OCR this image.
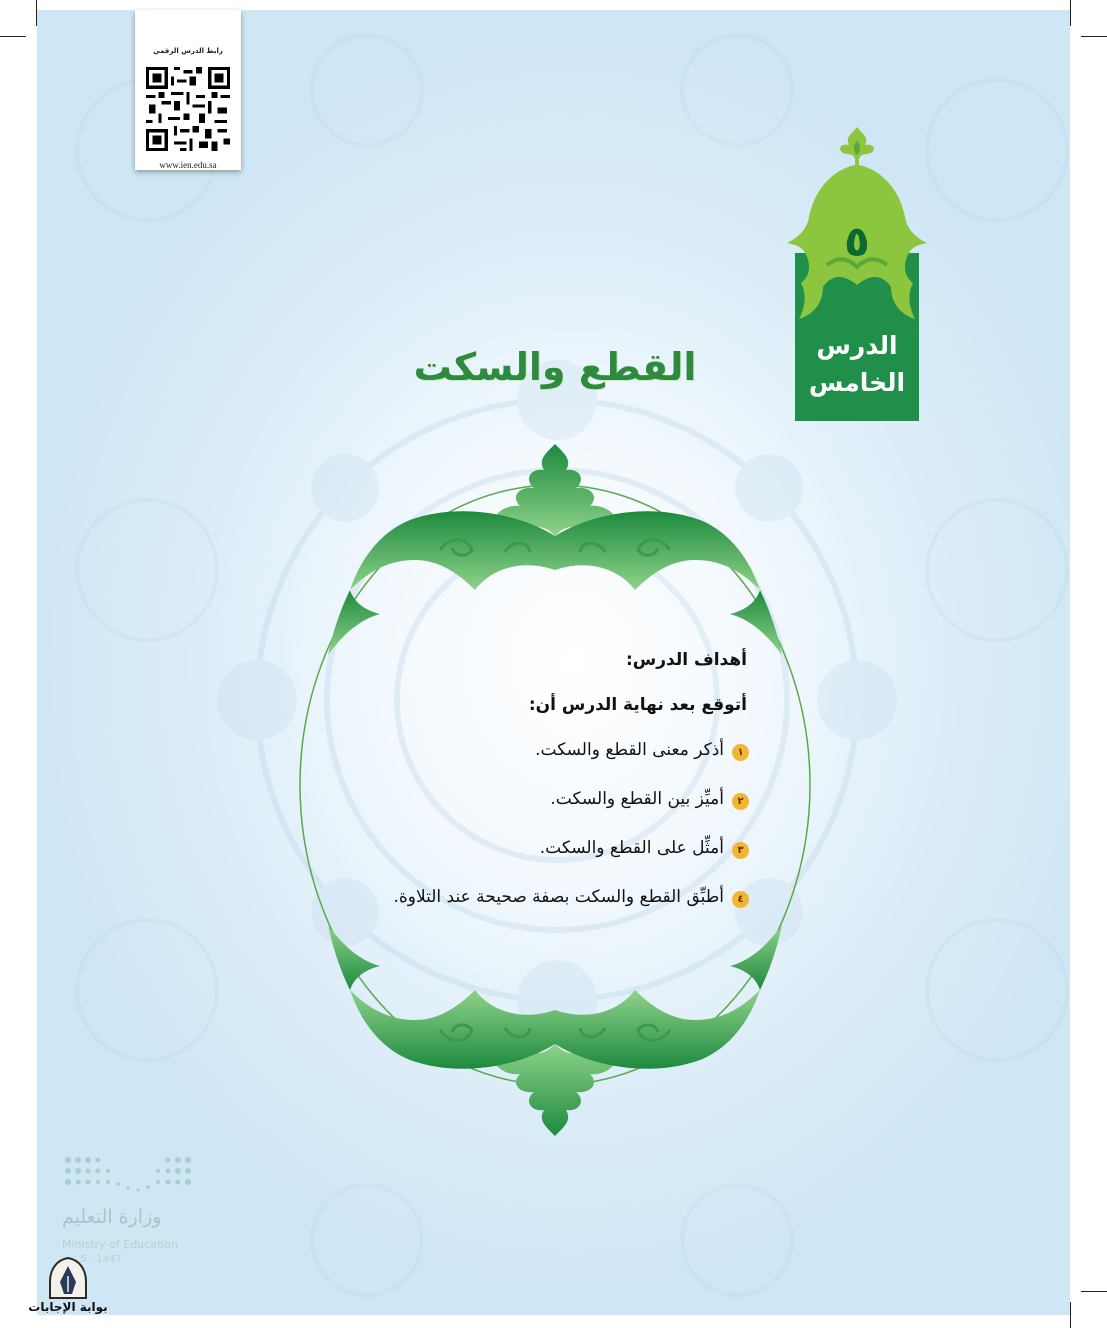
رابط الدرس الرقمي
www.ien.edu.sa
٥
الدرس
الخامس
القطع والسكت
أهداف الدرس:
أتوقع بعد نهاية الدرس أن:
١
أذكر معنى القطع والسكت.
٢
أميِّز بين القطع والسكت.
٣
أمثِّل على القطع والسكت.
٤
أطبِّق القطع والسكت بصفة صحيحة عند التلاوة.
وزارة التعليم
Ministry of Education
5 - 1447
بوابة الإجابات
